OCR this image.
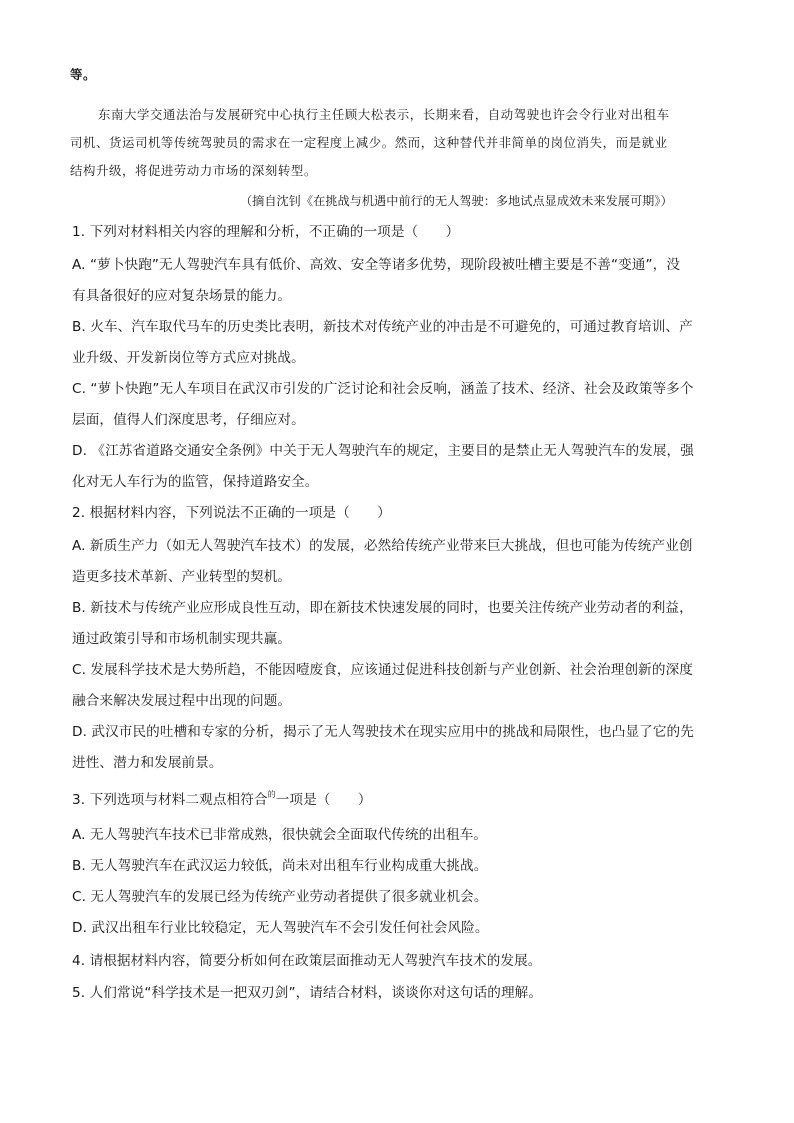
等。
东南大学交通法治与发展研究中心执行主任顾大松表示，长期来看，自动驾驶也许会令行业对出租车
司机、货运司机等传统驾驶员的需求在一定程度上减少。然而，这种替代并非简单的岗位消失，而是就业
结构升级，将促进劳动力市场的深刻转型。
（摘自沈钊《在挑战与机遇中前行的无人驾驶：多地试点显成效未来发展可期》）
1. 下列对材料相关内容的理解和分析，不正确的一项是（　　）
A. “萝卜快跑”无人驾驶汽车具有低价、高效、安全等诸多优势，现阶段被吐槽主要是不善“变通”，没
有具备很好的应对复杂场景的能力。
B. 火车、汽车取代马车的历史类比表明，新技术对传统产业的冲击是不可避免的，可通过教育培训、产
业升级、开发新岗位等方式应对挑战。
C. “萝卜快跑”无人车项目在武汉市引发的广泛讨论和社会反响，涵盖了技术、经济、社会及政策等多个
层面，值得人们深度思考，仔细应对。
D. 《江苏省道路交通安全条例》中关于无人驾驶汽车的规定，主要目的是禁止无人驾驶汽车的发展，强
化对无人车行为的监管，保持道路安全。
2. 根据材料内容，下列说法不正确的一项是（　　）
A. 新质生产力（如无人驾驶汽车技术）的发展，必然给传统产业带来巨大挑战，但也可能为传统产业创
造更多技术革新、产业转型的契机。
B. 新技术与传统产业应形成良性互动，即在新技术快速发展的同时，也要关注传统产业劳动者的利益，
通过政策引导和市场机制实现共赢。
C. 发展科学技术是大势所趋，不能因噎废食，应该通过促进科技创新与产业创新、社会治理创新的深度
融合来解决发展过程中出现的问题。
D. 武汉市民的吐槽和专家的分析，揭示了无人驾驶技术在现实应用中的挑战和局限性，也凸显了它的先
进性、潜力和发展前景。
3. 下列选项与材料二观点相符合$^的$一项是（　　）
A. 无人驾驶汽车技术已非常成熟，很快就会全面取代传统的出租车。
B. 无人驾驶汽车在武汉运力较低，尚未对出租车行业构成重大挑战。
C. 无人驾驶汽车的发展已经为传统产业劳动者提供了很多就业机会。
D. 武汉出租车行业比较稳定，无人驾驶汽车不会引发任何社会风险。
4. 请根据材料内容，简要分析如何在政策层面推动无人驾驶汽车技术的发展。
5. 人们常说“科学技术是一把双刃剑”，请结合材料，谈谈你对这句话的理解。
